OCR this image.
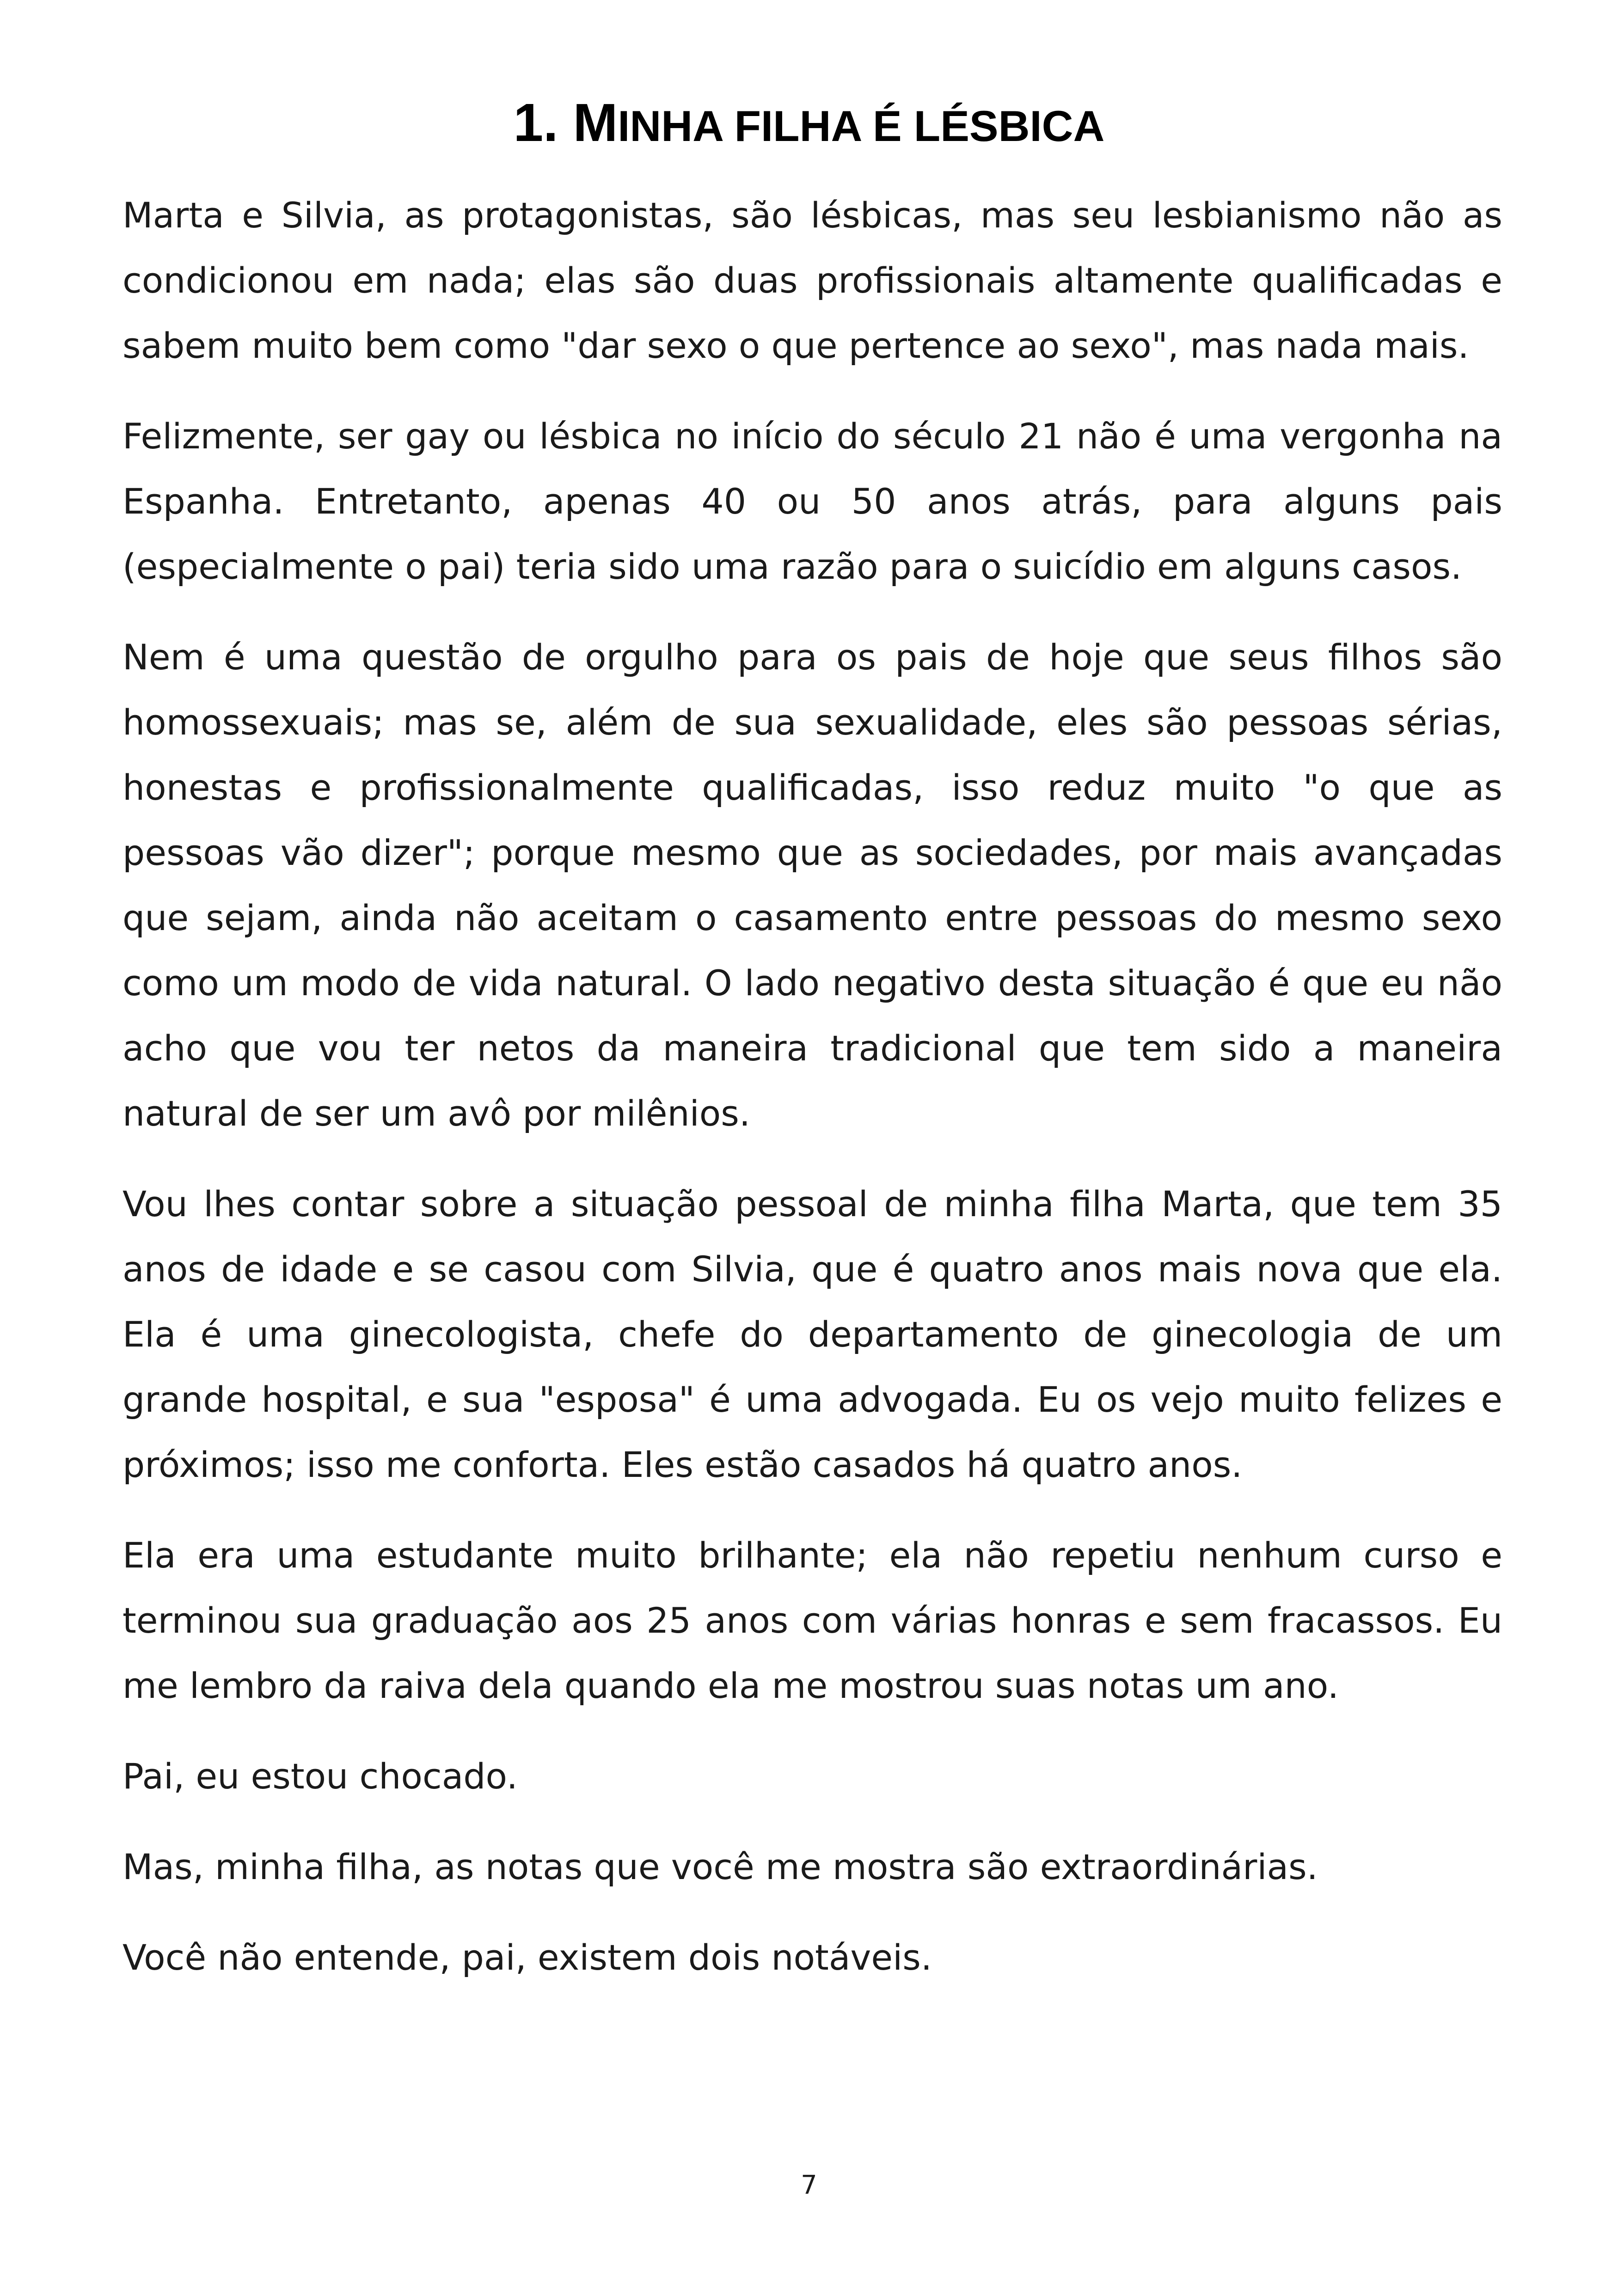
1. MINHA FILHA É LÉSBICA

Marta e Silvia, as protagonistas, são lésbicas, mas seu lesbianismo não as condicionou em nada; elas são duas profissionais altamente qualificadas e sabem muito bem como "dar sexo o que pertence ao sexo", mas nada mais.

Felizmente, ser gay ou lésbica no início do século 21 não é uma vergonha na Espanha. Entretanto, apenas 40 ou 50 anos atrás, para alguns pais (especialmente o pai) teria sido uma razão para o suicídio em alguns casos.

Nem é uma questão de orgulho para os pais de hoje que seus filhos são homossexuais; mas se, além de sua sexualidade, eles são pessoas sérias, honestas e profissionalmente qualificadas, isso reduz muito "o que as pessoas vão dizer"; porque mesmo que as sociedades, por mais avançadas que sejam, ainda não aceitam o casamento entre pessoas do mesmo sexo como um modo de vida natural. O lado negativo desta situação é que eu não acho que vou ter netos da maneira tradicional que tem sido a maneira natural de ser um avô por milênios.

Vou lhes contar sobre a situação pessoal de minha filha Marta, que tem 35 anos de idade e se casou com Silvia, que é quatro anos mais nova que ela. Ela é uma ginecologista, chefe do departamento de ginecologia de um grande hospital, e sua "esposa" é uma advogada. Eu os vejo muito felizes e próximos; isso me conforta. Eles estão casados há quatro anos.

Ela era uma estudante muito brilhante; ela não repetiu nenhum curso e terminou sua graduação aos 25 anos com várias honras e sem fracassos. Eu me lembro da raiva dela quando ela me mostrou suas notas um ano.

Pai, eu estou chocado.

Mas, minha filha, as notas que você me mostra são extraordinárias.

Você não entende, pai, existem dois notáveis.

7
